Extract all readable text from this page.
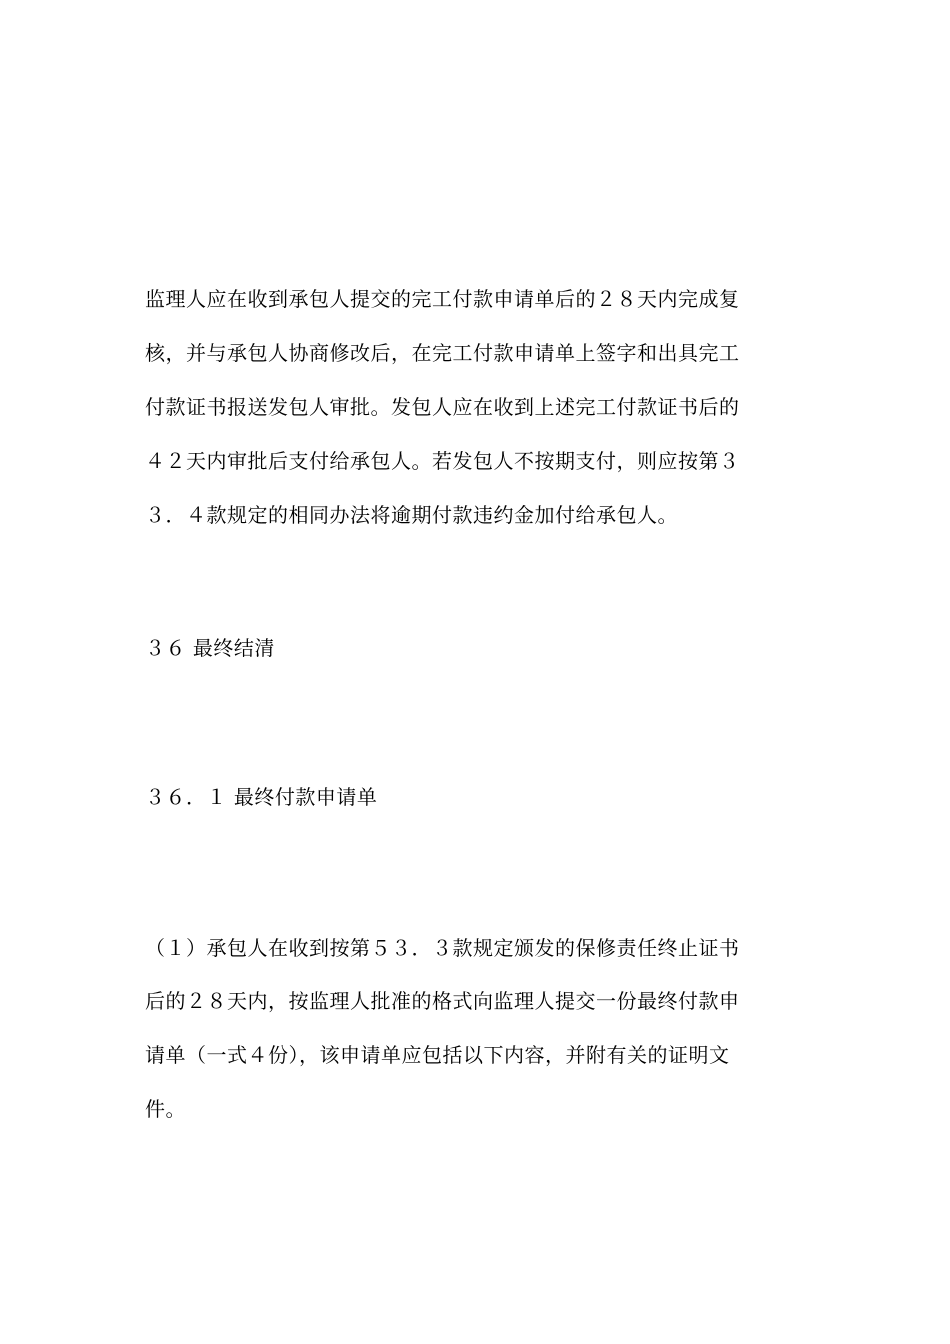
监理人应在收到承包人提交的完工付款申请单后的２８天内完成复
核，并与承包人协商修改后，在完工付款申请单上签字和出具完工
付款证书报送发包人审批。发包人应在收到上述完工付款证书后的
４２天内审批后支付给承包人。若发包人不按期支付，则应按第３
３．４款规定的相同办法将逾期付款违约金加付给承包人。
３６ 最终结清
３６．１ 最终付款申请单
（１）承包人在收到按第５３．３款规定颁发的保修责任终止证书
后的２８天内，按监理人批准的格式向监理人提交一份最终付款申
请单（一式４份），该申请单应包括以下内容，并附有关的证明文
件。
